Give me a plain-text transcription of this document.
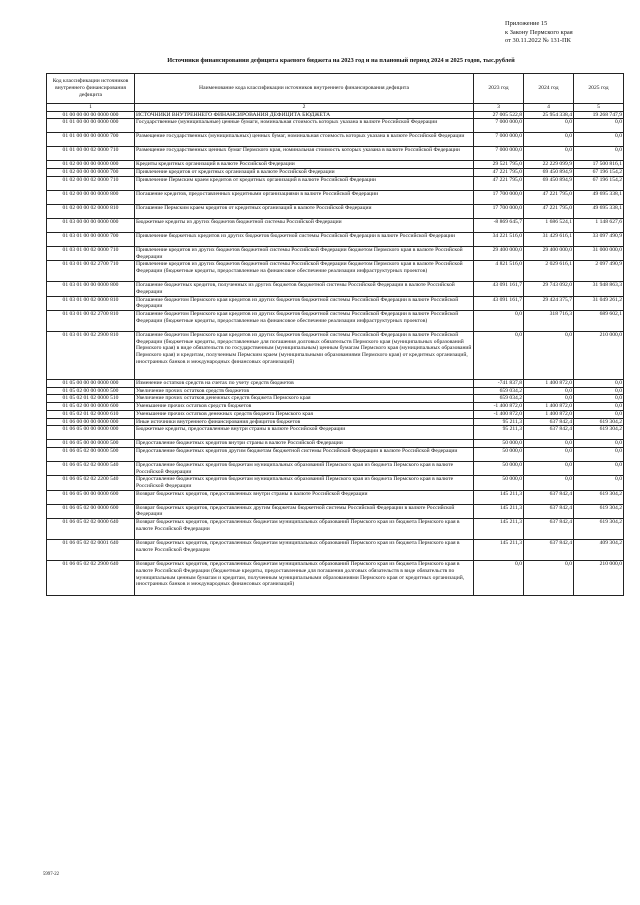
Приложение 15
к Закону Пермского края
от 30.11.2022 № 131-ПК
Источники финансирования дефицита краевого бюджета на 2023 год и на плановый период 2024 и 2025 годов, тыс.рублей
Код классификации источников внутреннего финансирования дефицита	Наименование кода классификации источников внутреннего финансирования дефицита	2023 год	2024 год	2025 год
1	2	3	4	5
01 00 00 00 00 0000 000	ИСТОЧНИКИ ВНУТРЕННЕГО ФИНАНСИРОВАНИЯ ДЕФИЦИТА БЮДЖЕТА	27 005 522,8	25 954 338,4	19 268 747,9
01 01 00 00 00 0000 000	Государственные (муниципальные) ценные бумаги, номинальная стоимость которых указана в валюте Российской Федерации	7 000 000,0	0,0	0,0
01 01 00 00 00 0000 700	Размещение государственных (муниципальных) ценных бумаг, номинальная стоимость которых указана в валюте Российской Федерации	7 000 000,0	0,0	0,0
01 01 00 00 02 0000 710	Размещение государственных ценных бумаг Пермского края, номинальная стоимость которых указана в валюте Российской Федерации	7 000 000,0	0,0	0,0
01 02 00 00 00 0000 000	Кредиты кредитных организаций в валюте Российской Федерации	29 521 795,0	22 229 099,9	17 500 816,1
01 02 00 00 00 0000 700	Привлечение кредитов от кредитных организаций в валюте Российской Федерации	47 221 795,0	69 450 894,9	67 196 154,2
01 02 00 00 02 0000 710	Привлечение Пермским краем кредитов от кредитных организаций в валюте Российской Федерации	47 221 795,0	69 450 894,9	67 196 154,2
01 02 00 00 00 0000 800	Погашение кредитов, предоставленных кредитными организациями в валюте Российской Федерации	17 700 000,0	47 221 795,0	49 695 338,1
01 02 00 00 02 0000 810	Погашение Пермским краем кредитов от кредитных организаций в валюте Российской Федерации	17 700 000,0	47 221 795,0	49 695 338,1
01 03 00 00 00 0000 000	Бюджетные кредиты из других бюджетов бюджетной системы Российской Федерации	-8 869 645,7	1 686 524,1	1 148 627,6
01 03 01 00 00 0000 700	Привлечение бюджетных кредитов из других бюджетов бюджетной системы Российской Федерации в валюте Российской Федерации	34 221 516,0	31 429 616,1	33 097 490,9
01 03 01 00 02 0000 710	Привлечение кредитов из других бюджетов бюджетной системы Российской Федерации бюджетом Пермского края в валюте Российской Федерации	29 400 000,0	29 400 000,0	31 000 000,0
01 03 01 00 02 2700 710	Привлечение кредитов из других бюджетов бюджетной системы Российской Федерации бюджетом Пермского края в валюте Российской Федерации (бюджетные кредиты, предоставленные на финансовое обеспечение реализации инфраструктурных проектов)	4 821 516,0	2 029 616,1	2 097 490,9
01 03 01 00 00 0000 800	Погашение бюджетных кредитов, полученных из других бюджетов бюджетной системы Российской Федерации в валюте Российской Федерации	43 091 161,7	29 743 092,0	31 948 863,3
01 03 01 00 02 0000 810	Погашение бюджетом Пермского края кредитов из других бюджетов бюджетной системы Российской Федерации в валюте Российской Федерации	43 091 161,7	29 424 375,7	31 049 261,2
01 03 01 00 02 2700 810	Погашение бюджетом Пермского края кредитов из других бюджетов бюджетной системы Российской Федерации в валюте Российской Федерации (бюджетные кредиты, предоставленные на финансовое обеспечение реализации инфраструктурных проектов)	0,0	318 716,3	689 602,1
01 03 01 00 02 2900 810	Погашение бюджетом Пермского края кредитов из других бюджетов бюджетной системы Российской Федерации в валюте Российской Федерации (бюджетные кредиты, предоставленные для погашения долговых обязательств Пермского края (муниципальных образований Пермского края) в виде обязательств по государственным (муниципальным) ценным бумагам Пермского края (муниципальных образований Пермского края) и кредитам, полученным Пермским краем (муниципальными образованиями Пермского края) от кредитных организаций, иностранных банков и международных финансовых организаций)	0,0	0,0	210 000,0
01 05 00 00 00 0000 000	Изменение остатков средств на счетах по учету средств бюджетов	-741 837,8	1 400 872,0	0,0
01 05 02 00 00 0000 500	Увеличение прочих остатков средств бюджетов	659 034,2	0,0	0,0
01 05 02 01 02 0000 510	Увеличение прочих остатков денежных средств бюджета Пермского края	659 034,2	0,0	0,0
01 05 02 00 00 0000 600	Уменьшение прочих остатков средств бюджетов	-1 400 872,0	1 400 872,0	0,0
01 05 02 01 02 0000 610	Уменьшение прочих остатков денежных средств бюджета Пермского края	-1 400 872,0	1 400 872,0	0,0
01 06 00 00 00 0000 000	Иные источники внутреннего финансирования дефицитов бюджетов	95 211,3	637 842,4	619 304,2
01 06 05 00 00 0000 000	Бюджетные кредиты, предоставленные внутри страны в валюте Российской Федерации	95 211,3	637 842,4	619 304,2
01 06 05 00 00 0000 500	Предоставление бюджетных кредитов внутри страны в валюте Российской Федерации	50 000,0	0,0	0,0
01 06 05 02 00 0000 500	Предоставление бюджетных кредитов другим бюджетам бюджетной системы Российской Федерации в валюте Российской Федерации	50 000,0	0,0	0,0
01 06 05 02 02 0000 540	Предоставление бюджетных кредитов бюджетам муниципальных образований Пермского края из бюджета Пермского края в валюте Российской Федерации	50 000,0	0,0	0,0
01 06 05 02 02 2200 540	Предоставление бюджетных кредитов бюджетам муниципальных образований Пермского края из бюджета Пермского края в валюте Российской Федерации	50 000,0	0,0	0,0
01 06 05 00 00 0000 600	Возврат бюджетных кредитов, предоставленных внутри страны в валюте Российской Федерации	145 211,3	637 842,4	619 304,2
01 06 05 02 00 0000 600	Возврат бюджетных кредитов, предоставленных другим бюджетам бюджетной системы Российской Федерации в валюте Российской Федерации	145 211,3	637 842,4	619 304,2
01 06 05 02 02 0000 640	Возврат бюджетных кредитов, предоставленных бюджетам муниципальных образований Пермского края из бюджета Пермского края в валюте Российской Федерации	145 211,3	637 842,4	619 304,2
01 06 05 02 02 0001 640	Возврат бюджетных кредитов, предоставленных бюджетам муниципальных образований Пермского края из бюджета Пермского края в валюте Российской Федерации	145 211,3	637 842,4	409 304,2
01 06 05 02 02 2900 640	Возврат бюджетных кредитов, предоставленных бюджетам муниципальных образований Пермского края из бюджета Пермского края в валюте Российской Федерации (бюджетные кредиты, предоставленные для погашения долговых обязательств в виде обязательств по муниципальным ценным бумагам и кредитам, полученным муниципальными образованиями Пермского края от кредитных организаций, иностранных банков и международных финансовых организаций)	0,0	0,0	210 000,0
5997-22
